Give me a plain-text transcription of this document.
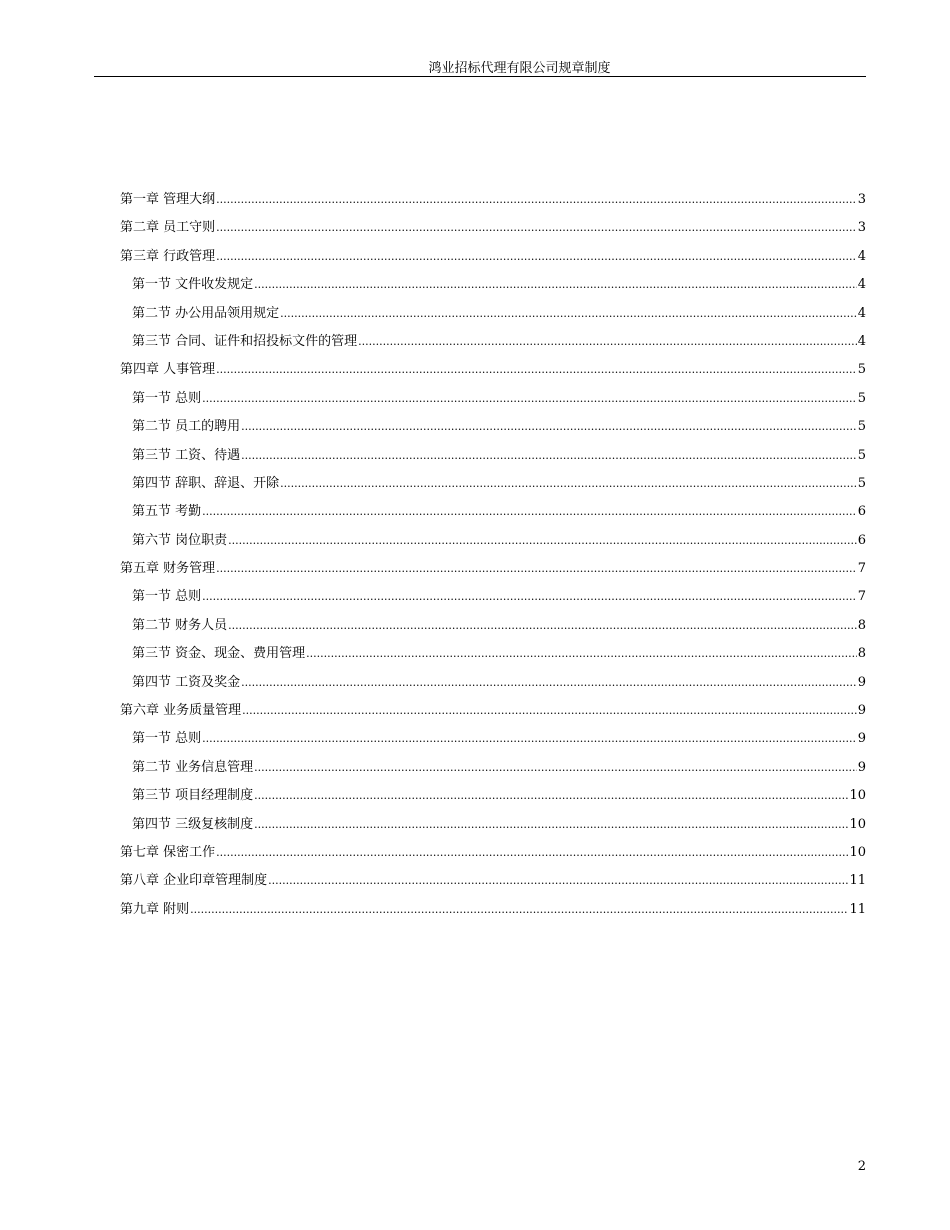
鸿业招标代理有限公司规章制度
第一章 管理大纲 .....	3
第二章 员工守则 .....	3
第三章 行政管理 .....	4
第一节 文件收发规定 .....	4
第二节 办公用品领用规定 .....	4
第三节 合同、证件和招投标文件的管理 .....	4
第四章 人事管理 .....	5
第一节 总则 .....	5
第二节 员工的聘用 .....	5
第三节 工资、待遇 .....	5
第四节 辞职、辞退、开除 .....	5
第五节 考勤 .....	6
第六节 岗位职责 .....	6
第五章 财务管理 .....	7
第一节 总则 .....	7
第二节 财务人员 .....	8
第三节 资金、现金、费用管理 .....	8
第四节 工资及奖金 .....	9
第六章 业务质量管理 .....	9
第一节 总则 .....	9
第二节 业务信息管理 .....	9
第三节 项目经理制度 .....	10
第四节 三级复核制度 .....	10
第七章 保密工作 .....	10
第八章 企业印章管理制度 .....	11
第九章 附则 .....	11
2
